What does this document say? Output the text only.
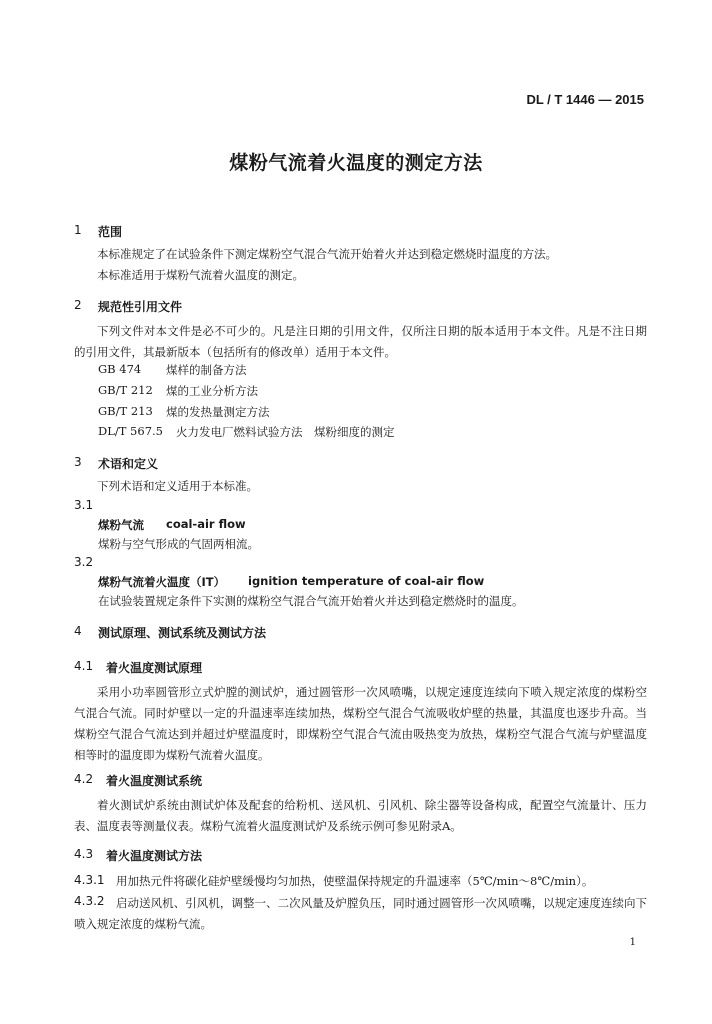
DL / T 1446 — 2015
煤粉气流着火温度的测定方法
1 范围
本标准规定了在试验条件下测定煤粉空气混合气流开始着火并达到稳定燃烧时温度的方法。
本标准适用于煤粉气流着火温度的测定。
2 规范性引用文件
下列文件对本文件是必不可少的。凡是注日期的引用文件，仅所注日期的版本适用于本文件。凡是不注日期的引用文件，其最新版本（包括所有的修改单）适用于本文件。
GB 474 煤样的制备方法
GB/T 212 煤的工业分析方法
GB/T 213 煤的发热量测定方法
DL/T 567.5 火力发电厂燃料试验方法　煤粉细度的测定
3 术语和定义
下列术语和定义适用于本标准。
3.1
煤粉气流 coal-air flow
煤粉与空气形成的气固两相流。
3.2
煤粉气流着火温度（IT） ignition temperature of coal-air flow
在试验装置规定条件下实测的煤粉空气混合气流开始着火并达到稳定燃烧时的温度。
4 测试原理、测试系统及测试方法
4.1 着火温度测试原理
采用小功率圆管形立式炉膛的测试炉，通过圆管形一次风喷嘴，以规定速度连续向下喷入规定浓度的煤粉空气混合气流。同时炉壁以一定的升温速率连续加热，煤粉空气混合气流吸收炉壁的热量，其温度也逐步升高。当煤粉空气混合气流达到并超过炉壁温度时，即煤粉空气混合气流由吸热变为放热，煤粉空气混合气流与炉壁温度相等时的温度即为煤粉气流着火温度。
4.2 着火温度测试系统
着火测试炉系统由测试炉体及配套的给粉机、送风机、引风机、除尘器等设备构成，配置空气流量计、压力表、温度表等测量仪表。煤粉气流着火温度测试炉及系统示例可参见附录A。
4.3 着火温度测试方法
4.3.1 用加热元件将碳化硅炉壁缓慢均匀加热，使壁温保持规定的升温速率（5℃/min～8℃/min）。
4.3.2 启动送风机、引风机，调整一、二次风量及炉膛负压，同时通过圆管形一次风喷嘴，以规定速度连续向下喷入规定浓度的煤粉气流。
1
